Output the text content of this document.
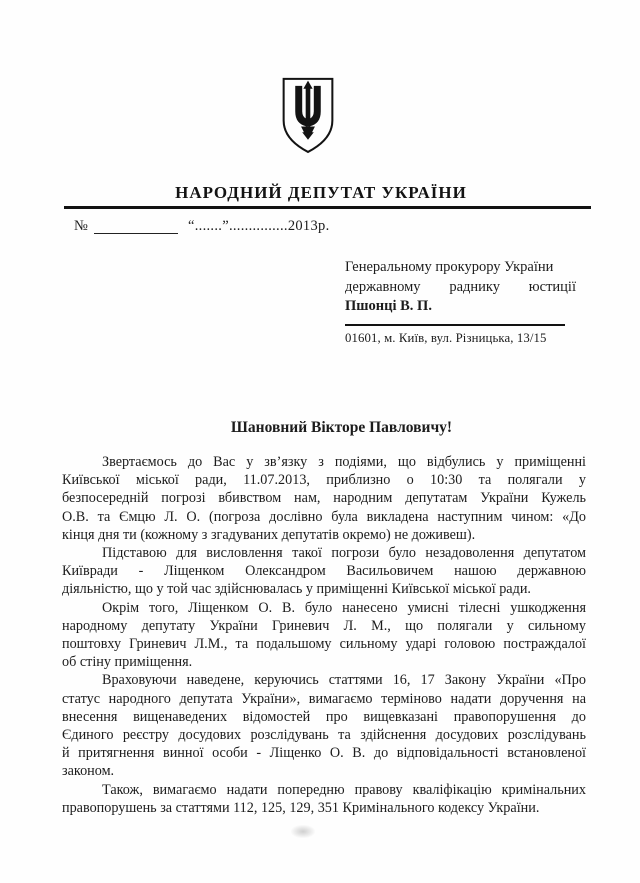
НАРОДНИЙ ДЕПУТАТ УКРАЇНИ
№	“.......”...............2013р.
Генеральному прокурору України
державному раднику юстиції
Пшонці В. П.
01601, м. Київ, вул. Різницька, 13/15
Шановний Вікторе Павловичу!
Звертаємось до Вас у зв’язку з подіями, що відбулись у приміщенні
Київської міської ради, 11.07.2013, приблизно о 10:30 та полягали у
безпосередній погрозі вбивством нам, народним депутатам України Кужель
О.В. та Ємцю Л. О. (погроза дослівно була викладена наступним чином: «До
кінця дня ти (кожному з згадуваних депутатів окремо) не доживеш).
Підставою для висловлення такої погрози було незадоволення депутатом
Київради - Ліщенком Олександром Васильовичем нашою державною
діяльністю, що у той час здійснювалась у приміщенні Київської міської ради.
Окрім того, Ліщенком О. В. було нанесено умисні тілесні ушкодження
народному депутату України Гриневич Л. М., що полягали у сильному
поштовху Гриневич Л.М., та подальшому сильному ударі головою постраждалої
об стіну приміщення.
Враховуючи наведене, керуючись статтями 16, 17 Закону України «Про
статус народного депутата України», вимагаємо терміново надати доручення на
внесення вищенаведених відомостей про вищевказані правопорушення до
Єдиного реєстру досудових розслідувань та здійснення досудових розслідувань
й притягнення винної особи - Ліщенко О. В. до відповідальності встановленої
законом.
Також, вимагаємо надати попередню правову кваліфікацію кримінальних
правопорушень за статтями 112, 125, 129, 351 Кримінального кодексу України.
